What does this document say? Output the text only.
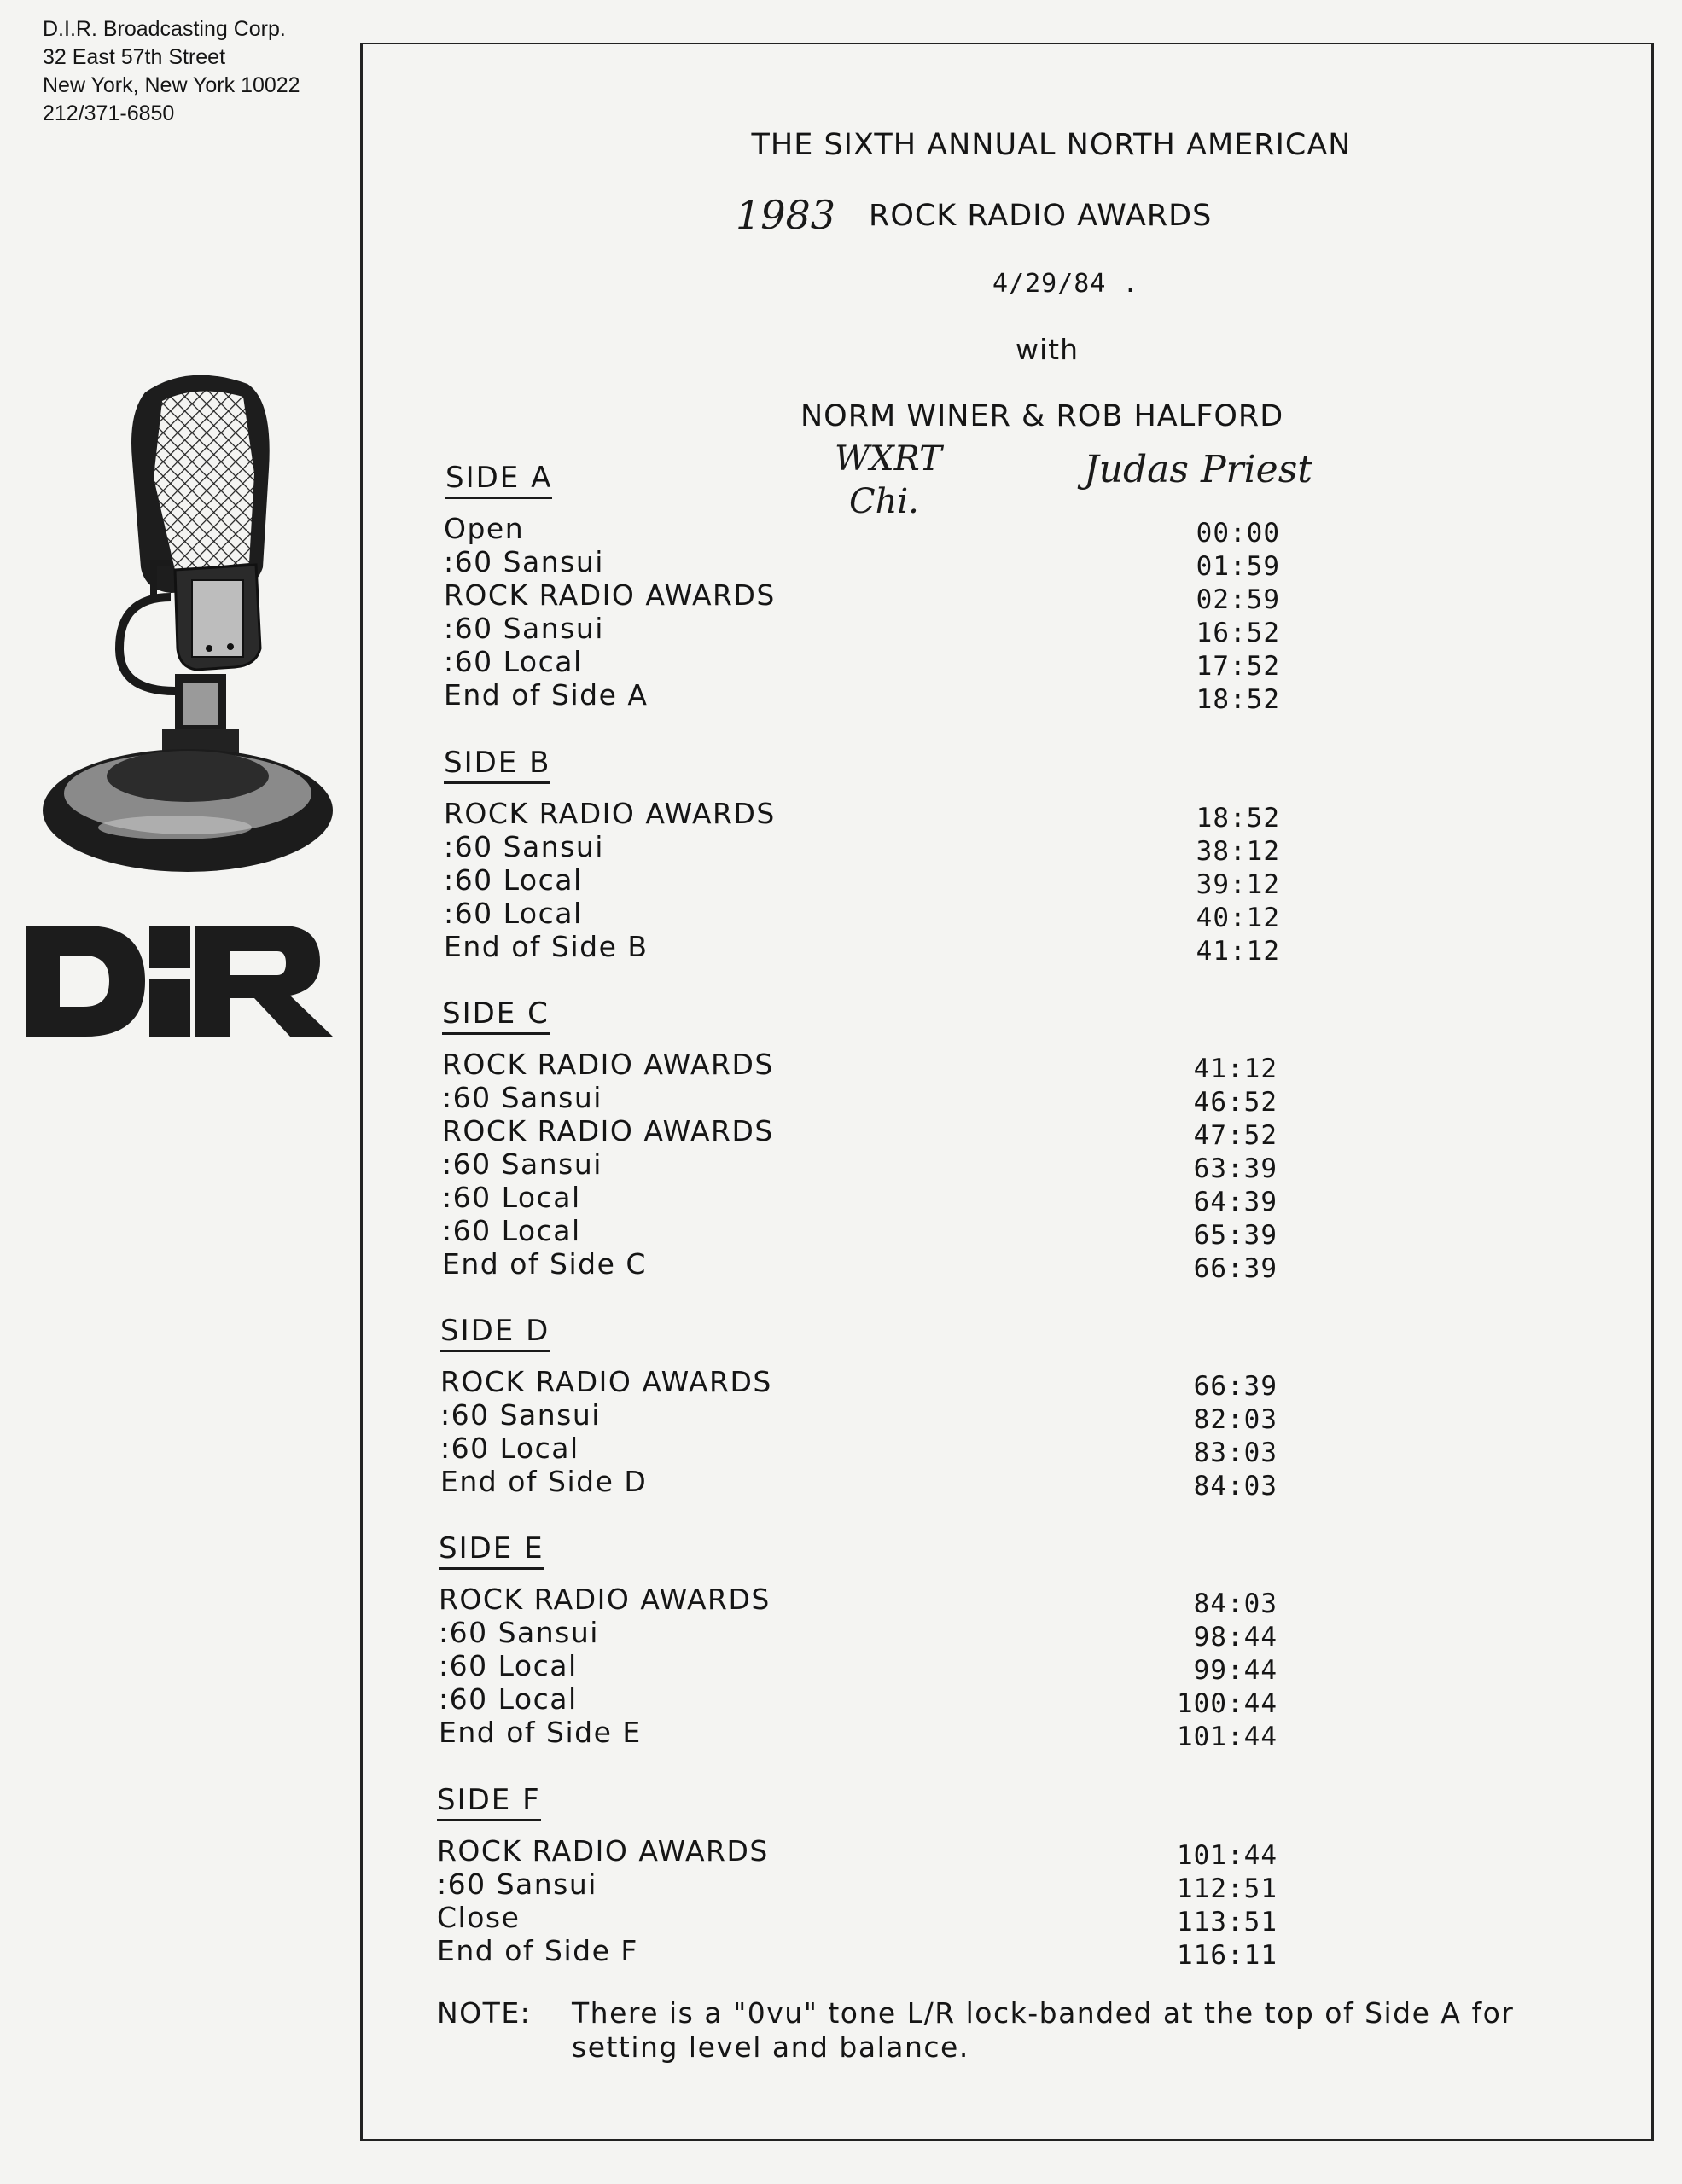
D.I.R. Broadcasting Corp.
32 East 57th Street
New York, New York 10022
212/371-6850
THE SIXTH ANNUAL NORTH AMERICAN
1983 ROCK RADIO AWARDS
4/29/84 .
with
NORM WINER & ROB HALFORD
WXRT
Chi.
Judas Priest
SIDE A
Open	00:00
:60 Sansui	01:59
ROCK RADIO AWARDS	02:59
:60 Sansui	16:52
:60 Local	17:52
End of Side A	18:52
SIDE B
ROCK RADIO AWARDS	18:52
:60 Sansui	38:12
:60 Local	39:12
:60 Local	40:12
End of Side B	41:12
SIDE C
ROCK RADIO AWARDS	41:12
:60 Sansui	46:52
ROCK RADIO AWARDS	47:52
:60 Sansui	63:39
:60 Local	64:39
:60 Local	65:39
End of Side C	66:39
SIDE D
ROCK RADIO AWARDS	66:39
:60 Sansui	82:03
:60 Local	83:03
End of Side D	84:03
SIDE E
ROCK RADIO AWARDS	84:03
:60 Sansui	98:44
:60 Local	99:44
:60 Local	100:44
End of Side E	101:44
SIDE F
ROCK RADIO AWARDS	101:44
:60 Sansui	112:51
Close	113:51
End of Side F	116:11
NOTE: There is a "0vu" tone L/R lock-banded at the top of Side A for setting level and balance.
